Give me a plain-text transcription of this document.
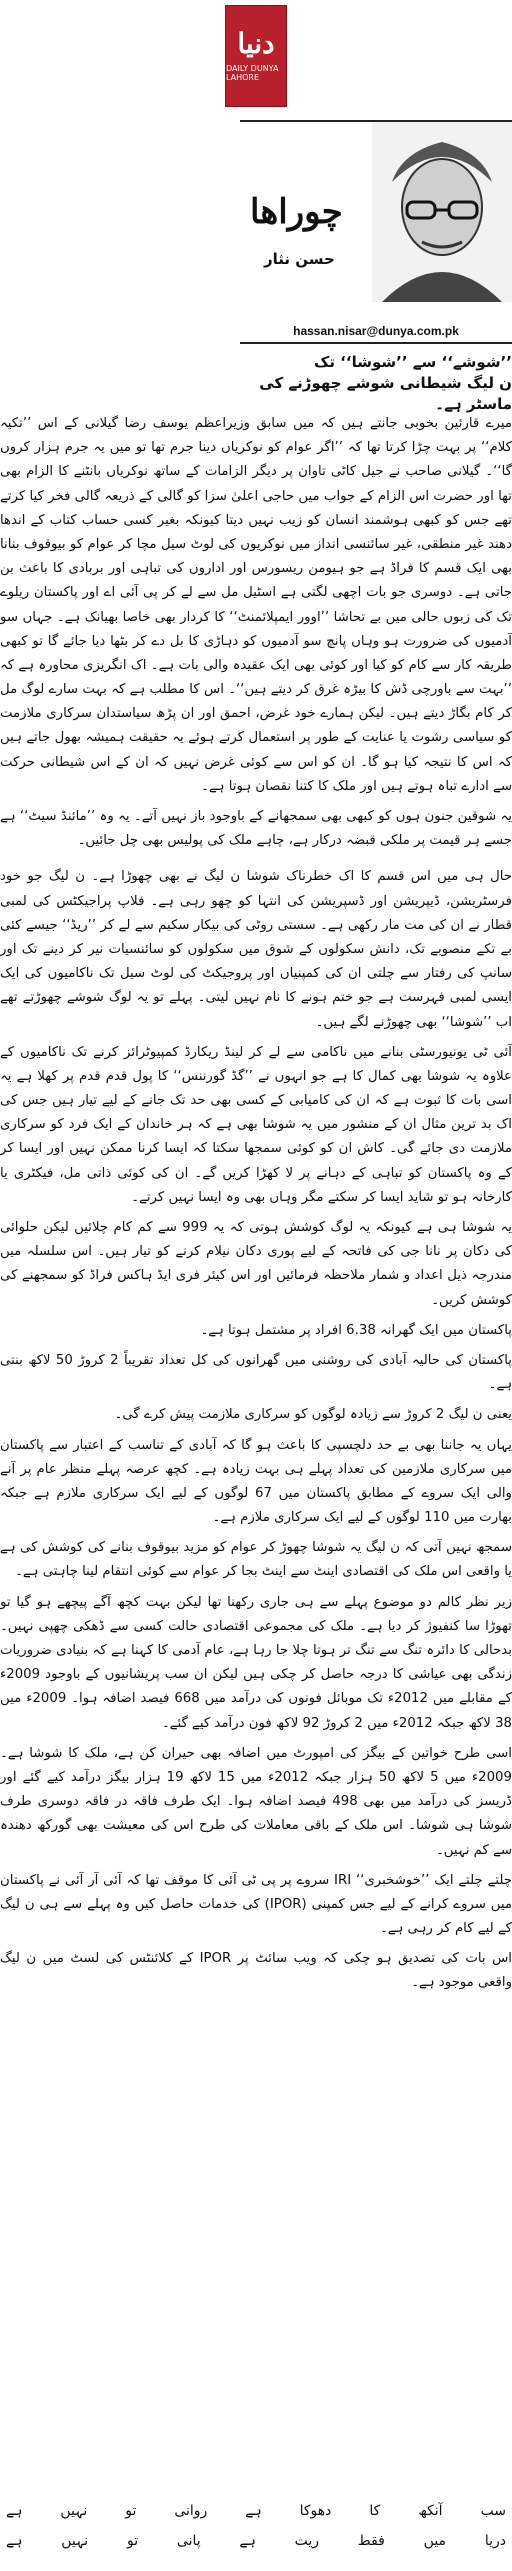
دنیا
DAILY DUNYA LAHORE
چوراھا
حسن نثار
hassan.nisar@dunya.com.pk
’’شوشے‘‘ سے ’’شوشا‘‘ تک
ن لیگ شیطانی شوشے چھوڑنے کی ماسٹر ہے۔

میرے قارئین بخوبی جانتے ہیں کہ میں سابق وزیراعظم یوسف رضا گیلانی کے اس ’’تکیہ کلام‘‘ پر بہت چڑا کرتا تھا کہ ’’اگر عوام کو نوکریاں دینا جرم تھا تو میں یہ جرم ہزار کروں گا‘‘۔ گیلانی صاحب نے جیل کاٹی تاوان پر دیگر الزامات کے ساتھ نوکریاں بانٹنے کا الزام بھی تھا اور حضرت اس الزام کے جواب میں حاجی اعلیٰ سزا کو گالی کے ذریعہ گالی فخر کیا کرتے تھے جس کو کبھی ہوشمند انسان کو زیب نہیں دیتا کیونکہ بغیر کسی حساب کتاب کے اندھا دھند غیر منطقی، غیر سائنسی انداز میں نوکریوں کی لوٹ سیل مچا کر عوام کو بیوقوف بنانا بھی ایک قسم کا فراڈ ہے جو ہیومن ریسورس اور اداروں کی تباہی اور بربادی کا باعث بن جاتی ہے۔ دوسری جو بات اچھی لگتی ہے اسٹیل مل سے لے کر پی آئی اے اور پاکستان ریلوے تک کی زبوں حالی میں بے تحاشا ’’اوور ایمپلائمنٹ‘‘ کا کردار بھی خاصا بھیانک ہے۔ جہاں سو آدمیوں کی ضرورت ہو وہاں پانچ سو آدمیوں کو دہاڑی کا بل دے کر بٹھا دیا جائے گا تو کبھی طریقہ کار سے کام کو کیا اور کوئی بھی ایک عقیدہ والی بات ہے۔ اک انگریزی محاورہ ہے کہ ’’بہت سے باورچی ڈش کا بیڑہ غرق کر دیتے ہیں‘‘۔ اس کا مطلب ہے کہ بہت سارے لوگ مل کر کام بگاڑ دیتے ہیں۔ لیکن ہمارے خود غرض، احمق اور ان پڑھ سیاستدان سرکاری ملازمت کو سیاسی رشوت یا عنایت کے طور پر استعمال کرتے ہوئے یہ حقیقت ہمیشہ بھول جاتے ہیں کہ اس کا نتیجہ کیا ہو گا۔ ان کو اس سے کوئی غرض نہیں کہ ان کے اس شیطانی حرکت سے ادارے تباہ ہوتے ہیں اور ملک کا کتنا نقصان ہوتا ہے۔

یہ شوقین جنون ہوں کو کبھی بھی سمجھانے کے باوجود باز نہیں آتے۔ یہ وہ ’’مائنڈ سیٹ‘‘ ہے جسے ہر قیمت پر ملکی قبضہ درکار ہے، چاہے ملک کی پولیس بھی چل جائیں۔

حال ہی میں اس قسم کا اک خطرناک شوشا ن لیگ نے بھی چھوڑا ہے۔ ن لیگ جو خود فرسٹریشن، ڈیپریشن اور ڈسپریشن کی انتہا کو چھو رہی ہے۔ فلاپ پراجیکٹس کی لمبی قطار نے ان کی مت مار رکھی ہے۔ سستی روٹی کی بیکار سکیم سے لے کر ’’ریڈ‘‘ جیسے کئی بے تکے منصوبے تک، دانش سکولوں کے شوق میں سکولوں کو سائنسیات نیر کر دینے تک اور سانپ کی رفتار سے چلتی ان کی کمپنیاں اور پروجیکٹ کی لوٹ سیل تک ناکامیوں کی ایک ایسی لمبی فہرست ہے جو ختم ہونے کا نام نہیں لیتی۔ پہلے تو یہ لوگ شوشے چھوڑتے تھے اب ’’شوشا‘‘ بھی چھوڑنے لگے ہیں۔

آئی ٹی یونیورسٹی بنانے میں ناکامی سے لے کر لینڈ ریکارڈ کمپیوٹرائز کرنے تک ناکامیوں کے علاوہ یہ شوشا بھی کمال کا ہے جو انہوں نے ’’گڈ گورننس‘‘ کا پول قدم قدم پر کھلا ہے یہ اسی بات کا ثبوت ہے کہ ان کی کامیابی کے کسی بھی حد تک جانے کے لیے تیار ہیں جس کی اک بد ترین مثال ان کے منشور میں یہ شوشا بھی ہے کہ ہر خاندان کے ایک فرد کو سرکاری ملازمت دی جائے گی۔ کاش ان کو کوئی سمجھا سکتا کہ ایسا کرنا ممکن نہیں اور ایسا کر کے وہ پاکستان کو تباہی کے دہانے پر لا کھڑا کریں گے۔ ان کی کوئی ذاتی مل، فیکٹری یا کارخانہ ہو تو شاید ایسا کر سکتے مگر وہاں بھی وہ ایسا نہیں کرتے۔

یہ شوشا ہی ہے کیونکہ یہ لوگ کوشش ہوتی کہ یہ 999 سے کم کام چلائیں لیکن حلوائی کی دکان پر نانا جی کی فاتحہ کے لیے پوری دکان نیلام کرنے کو تیار ہیں۔ اس سلسلہ میں مندرجہ ذیل اعداد و شمار ملاحظہ فرمائیں اور اس کیئر فری ایڈ ہاکس فراڈ کو سمجھنے کی کوشش کریں۔

پاکستان میں ایک گھرانہ 6.38 افراد پر مشتمل ہوتا ہے۔

پاکستان کی حالیہ آبادی کی روشنی میں گھرانوں کی کل تعداد تقریباً 2 کروڑ 50 لاکھ بنتی ہے۔

یعنی ن لیگ 2 کروڑ سے زیادہ لوگوں کو سرکاری ملازمت پیش کرے گی۔

یہاں یہ جاننا بھی بے حد دلچسپی کا باعث ہو گا کہ آبادی کے تناسب کے اعتبار سے پاکستان میں سرکاری ملازمین کی تعداد پہلے ہی بہت زیادہ ہے۔ کچھ عرصہ پہلے منظر عام پر آنے والی ایک سروے کے مطابق پاکستان میں 67 لوگوں کے لیے ایک سرکاری ملازم ہے جبکہ بھارت میں 110 لوگوں کے لیے ایک سرکاری ملازم ہے۔

سمجھ نہیں آتی کہ ن لیگ یہ شوشا چھوڑ کر عوام کو مزید بیوقوف بنانے کی کوشش کی ہے یا واقعی اس ملک کی اقتصادی اینٹ سے اینٹ بجا کر عوام سے کوئی انتقام لینا چاہتی ہے۔

زیر نظر کالم دو موضوع پہلے سے ہی جاری رکھنا تھا لیکن بہت کچھ آگے پیچھے ہو گیا تو تھوڑا سا کنفیوژ کر دیا ہے۔ ملک کی مجموعی اقتصادی حالت کسی سے ڈھکی چھپی نہیں۔ بدحالی کا دائرہ تنگ سے تنگ تر ہوتا چلا جا رہا ہے، عام آدمی کا کہنا ہے کہ بنیادی ضروریات زندگی بھی عیاشی کا درجہ حاصل کر چکی ہیں لیکن ان سب پریشانیوں کے باوجود 2009ء کے مقابلے میں 2012ء تک موبائل فونوں کی درآمد میں 668 فیصد اضافہ ہوا۔ 2009ء میں 38 لاکھ جبکہ 2012ء میں 2 کروڑ 92 لاکھ فون درآمد کیے گئے۔

اسی طرح خواتین کے بیگز کی امپورٹ میں اضافہ بھی حیران کن ہے، ملک کا شوشا ہے۔ 2009ء میں 5 لاکھ 50 ہزار جبکہ 2012ء میں 15 لاکھ 19 ہزار بیگز درآمد کیے گئے اور ڈریسز کی درآمد میں بھی 498 فیصد اضافہ ہوا۔ ایک طرف فاقہ در فاقہ دوسری طرف شوشا ہی شوشا۔ اس ملک کے باقی معاملات کی طرح اس کی معیشت بھی گورکھ دھندہ سے کم نہیں۔

چلتے چلتے ایک ’’خوشخبری‘‘ IRI سروے پر پی ٹی آئی کا موقف تھا کہ آئی آر آئی نے پاکستان میں سروے کرانے کے لیے جس کمپنی (IPOR) کی خدمات حاصل کیں وہ پہلے سے ہی ن لیگ کے لیے کام کر رہی ہے۔

اس بات کی تصدیق ہو چکی کہ ویب سائٹ پر IPOR کے کلائنٹس کی لسٹ میں ن لیگ واقعی موجود ہے۔

سب
آنکھ
کا
دھوکا
ہے
روانی
تو
نہیں
ہے
دریا
میں
فقط
ریت
ہے
پانی
تو
نہیں
ہے
